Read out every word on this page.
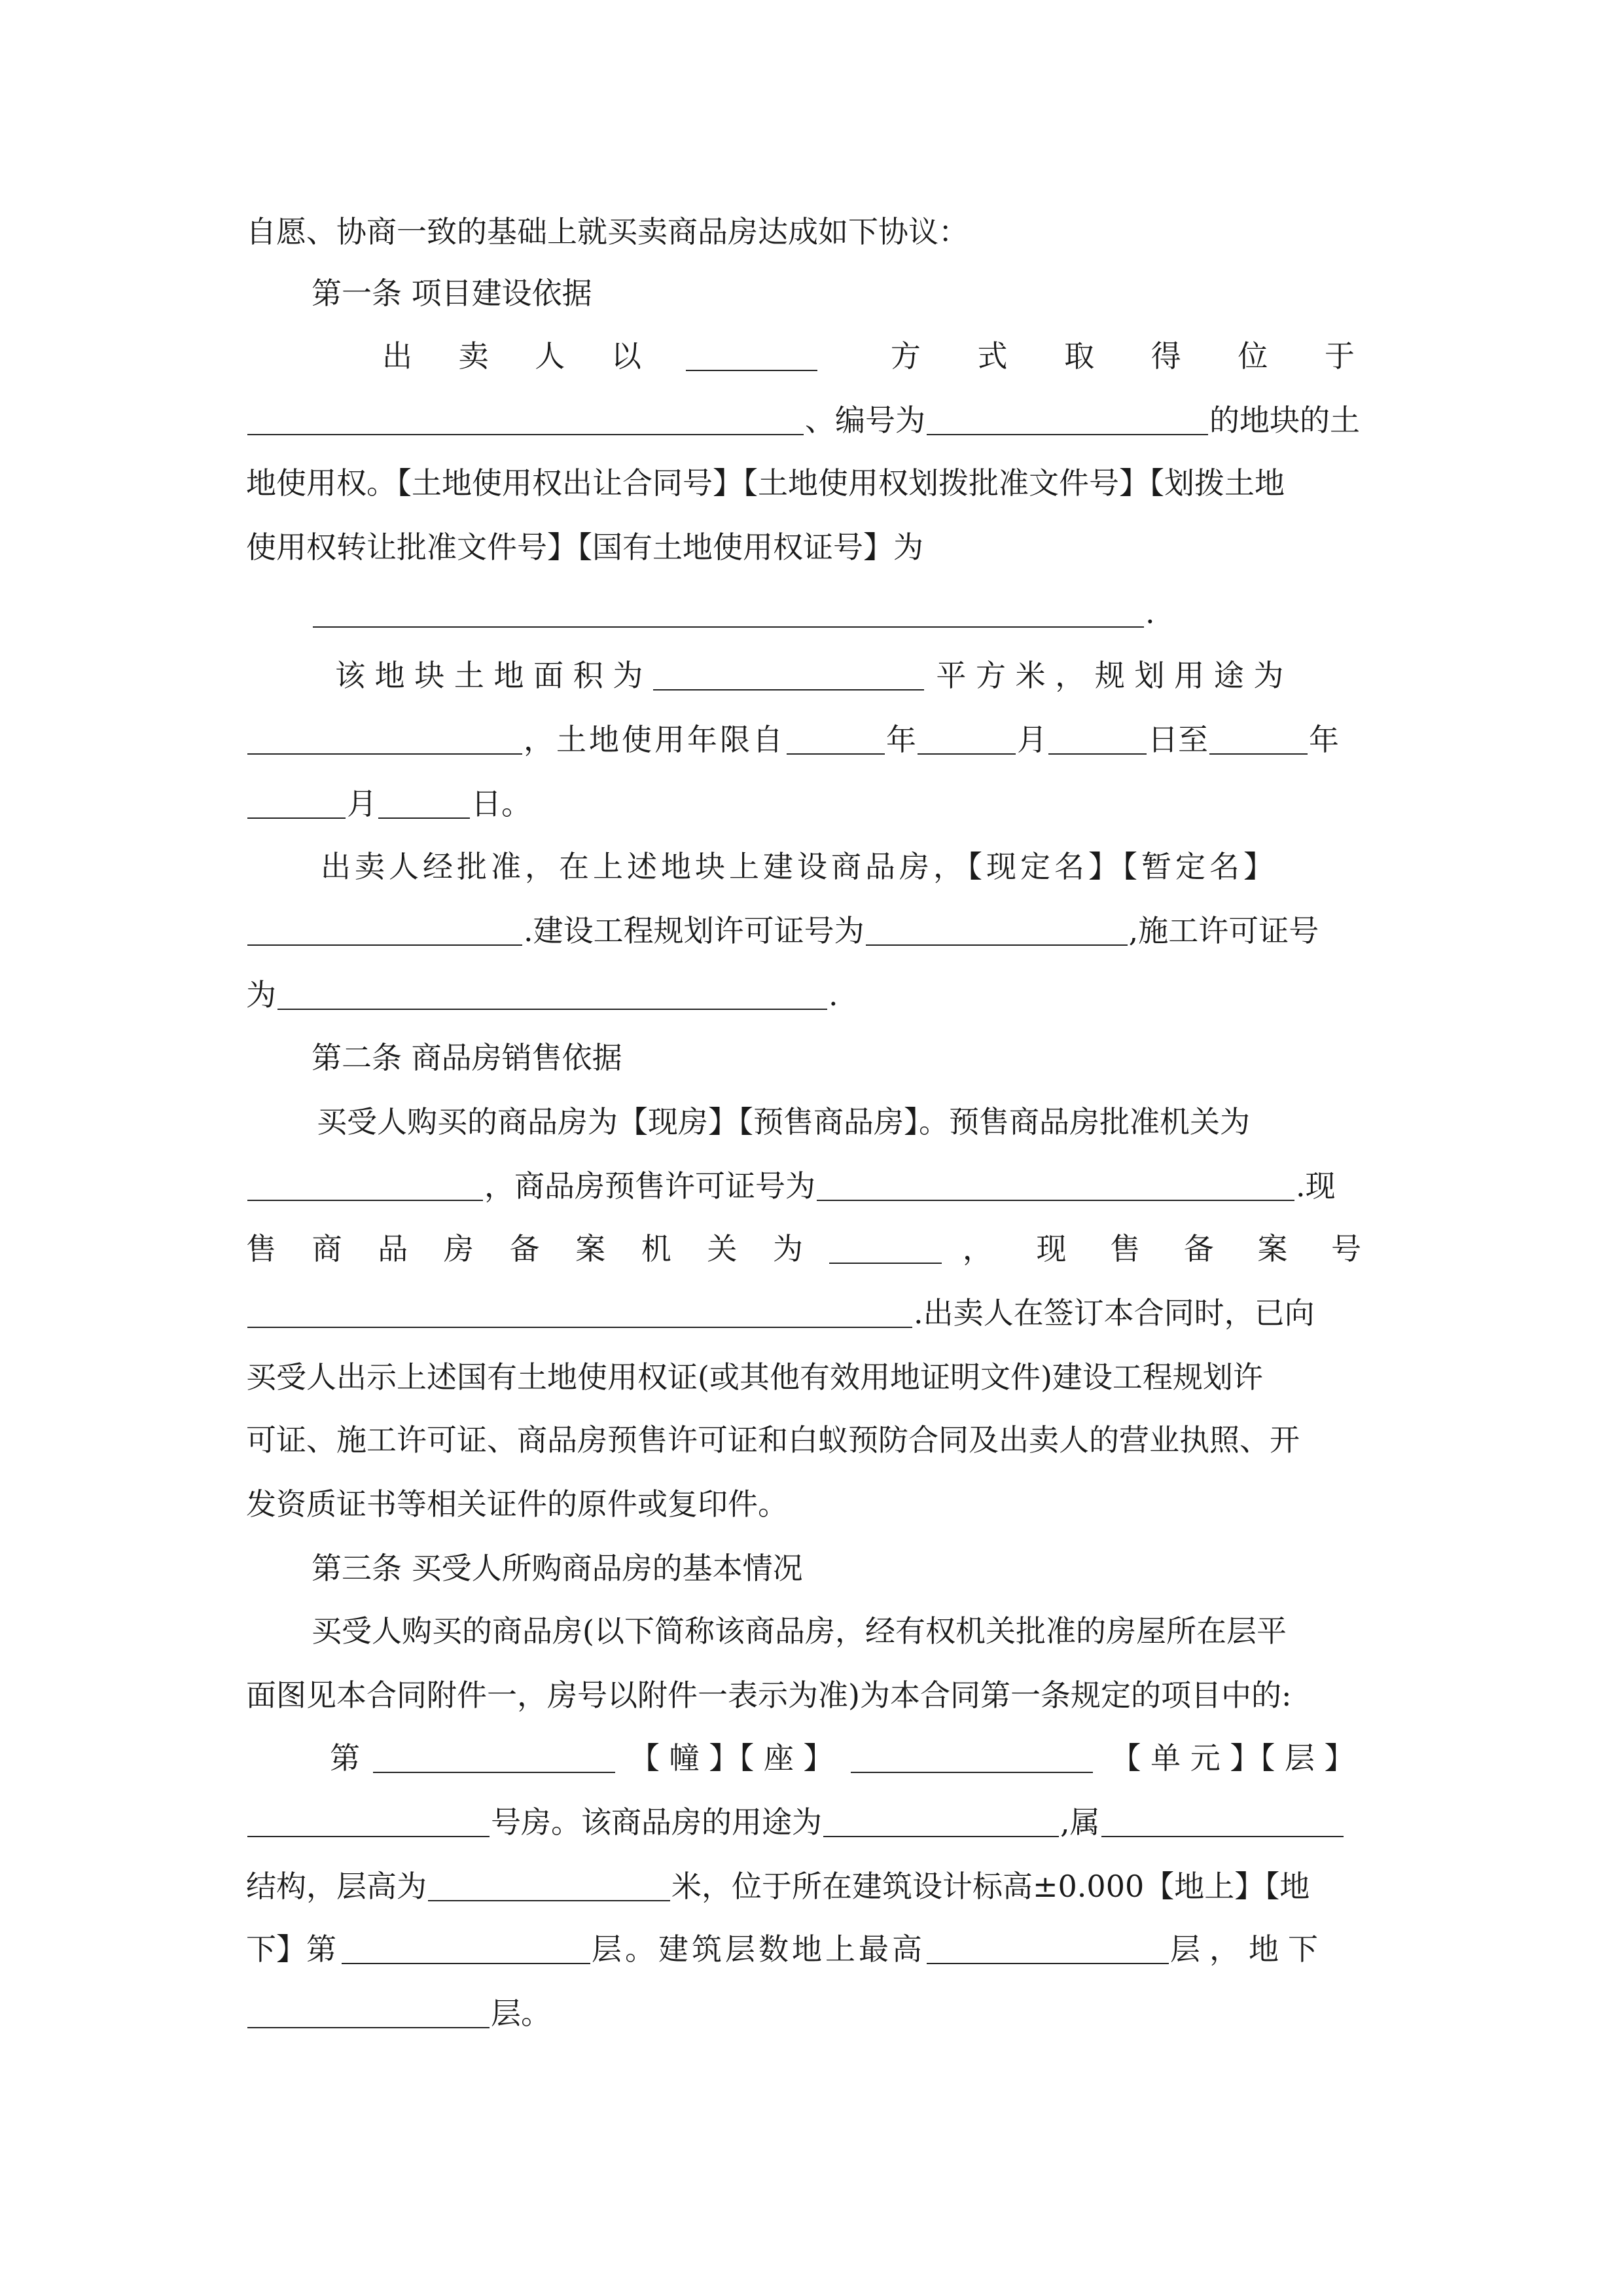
自愿、协商一致的基础上就买卖商品房达成如下协议：
第一条 项目建设依据
出 卖 人 以	方 式 取 得 位 于
、编号为	的地块的土
地使用权。【土地使用权出让合同号】【土地使用权划拨批准文件号】【划拨土地
使用权转让批准文件号】【国有土地使用权证号】为
.
该 地 块 土 地 面 积 为	平 方 米 ， 规 划 用 途 为
，土地使用年限自	年	月	日至	年
月	日。
出卖人经批准，在上述地块上建设商品房，【现定名】【暂定名】
.建设工程规划许可证号为	,施工许可证号
为	.
第二条 商品房销售依据
买受人购买的商品房为【现房】【预售商品房】。预售商品房批准机关为
，商品房预售许可证号为	.现
售 商 品 房 备 案 机 关 为	， 现 售 备 案 号
.出卖人在签订本合同时，已向
买受人出示上述国有土地使用权证(或其他有效用地证明文件)建设工程规划许
可证、施工许可证、商品房预售许可证和白蚁预防合同及出卖人的营业执照、开
发资质证书等相关证件的原件或复印件。
第三条 买受人所购商品房的基本情况
买受人购买的商品房(以下简称该商品房，经有权机关批准的房屋所在层平
面图见本合同附件一，房号以附件一表示为准)为本合同第一条规定的项目中的:
第	【 幢 】【 座 】	【 单 元 】【 层 】
号房。该商品房的用途为	,属
结构，层高为	米，位于所在建筑设计标高±0.000【地上】【地
下】第	层。建筑层数地上最高	层，地下
层。
